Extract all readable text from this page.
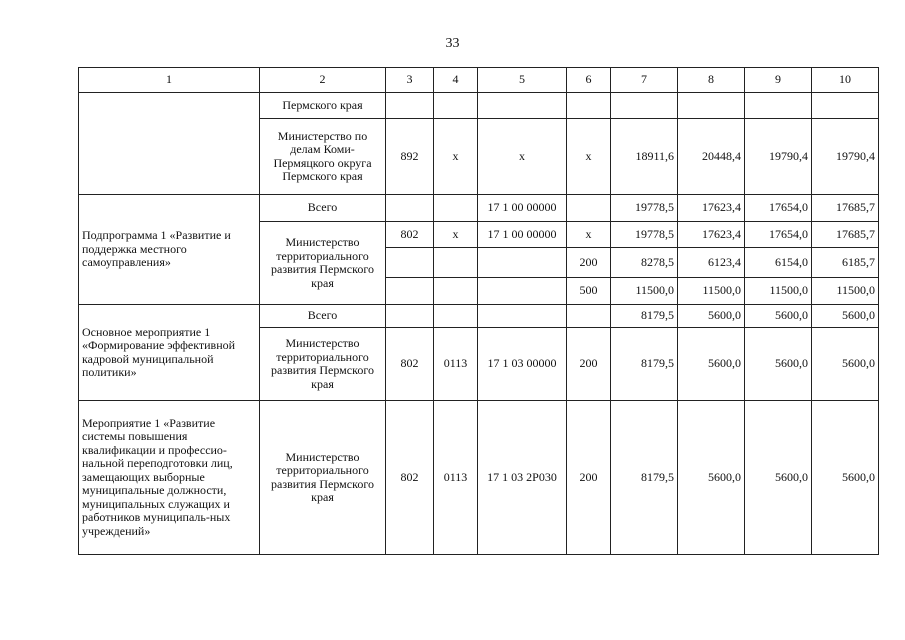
33
1	2	3	4	5	6	7	8	9	10
	Пермского края								
	Министерство по делам Коми-Пермяцкого округа Пермского края	892	х	х	х	18911,6	20448,4	19790,4	19790,4
Подпрограмма 1 «Развитие и поддержка местного самоуправления»	Всего			17 1 00 00000		19778,5	17623,4	17654,0	17685,7
	Министерство территориального развития Пермского края	802	х	17 1 00 00000	х	19778,5	17623,4	17654,0	17685,7
					200	8278,5	6123,4	6154,0	6185,7
					500	11500,0	11500,0	11500,0	11500,0
Основное мероприятие 1 «Формирование эффективной кадровой муниципальной политики»	Всего					8179,5	5600,0	5600,0	5600,0
	Министерство территориального развития Пермского края	802	0113	17 1 03 00000	200	8179,5	5600,0	5600,0	5600,0
Мероприятие 1 «Развитие системы повышения квалификации и профессио-нальной переподготовки лиц, замещающих выборные муниципальные должности, муниципальных служащих и работников муниципаль-ных учреждений»	Министерство территориального развития Пермского края	802	0113	17 1 03 2Р030	200	8179,5	5600,0	5600,0	5600,0
